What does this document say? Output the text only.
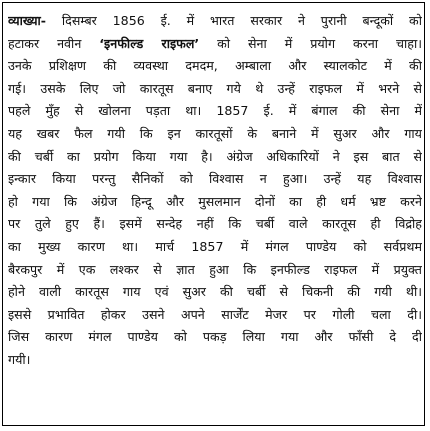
व्याख्या- दिसम्बर 1856 ई. में भारत सरकार ने पुरानी बन्दूकों को
हटाकर नवीन ‘इनफील्ड राइफल’ को सेना में प्रयोग करना चाहा।
उनके प्रशिक्षण की व्यवस्था दमदम, अम्बाला और स्यालकोट में की
गई। उसके लिए जो कारतूस बनाए गये थे उन्हें राइफल में भरने से
पहले मुँह से खोलना पड़ता था। 1857 ई. में बंगाल की सेना में
यह खबर फैल गयी कि इन कारतूसों के बनाने में सुअर और गाय
की चर्बी का प्रयोग किया गया है। अंग्रेज अधिकारियों ने इस बात से
इन्कार किया परन्तु सैनिकों को विश्वास न हुआ। उन्हें यह विश्वास
हो गया कि अंग्रेज हिन्दू और मुसलमान दोनों का ही धर्म भ्रष्ट करने
पर तुले हुए हैं। इसमें सन्देह नहीं कि चर्बी वाले कारतूस ही विद्रोह
का मुख्य कारण था। मार्च 1857 में मंगल पाण्डेय को सर्वप्रथम
बैरकपुर में एक लश्कर से ज्ञात हुआ कि इनफील्ड राइफल में प्रयुक्त
होने वाली कारतूस गाय एवं सुअर की चर्बी से चिकनी की गयी थी।
इससे प्रभावित होकर उसने अपने सार्जेंट मेजर पर गोली चला दी।
जिस कारण मंगल पाण्डेय को पकड़ लिया गया और फाँसी दे दी
गयी।
